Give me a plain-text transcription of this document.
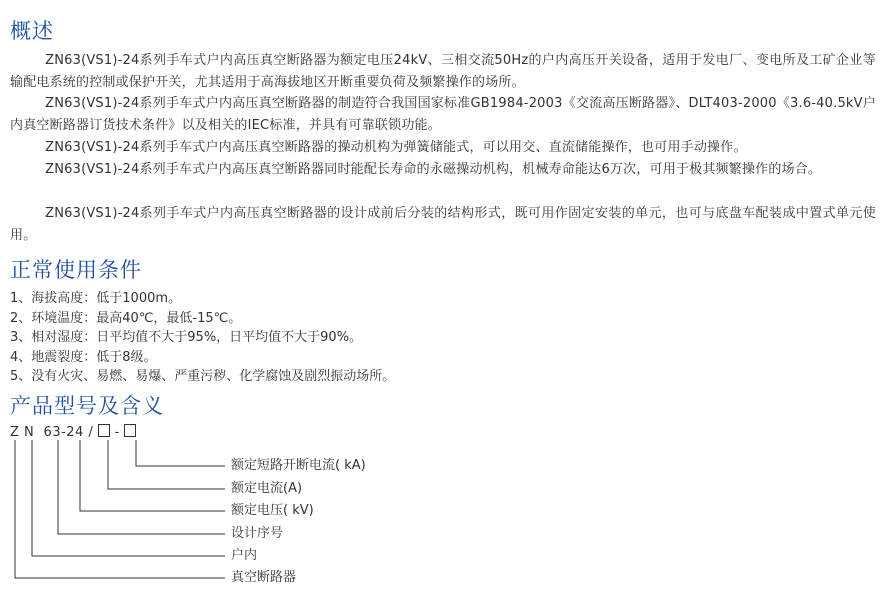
概述

ZN63(VS1)-24系列手车式户内高压真空断路器为额定电压24kV、三相交流50Hz的户内高压开关设备，适用于发电厂、变电所及工矿企业等输配电系统的控制或保护开关，尤其适用于高海拔地区开断重要负荷及频繁操作的场所。

ZN63(VS1)-24系列手车式户内高压真空断路器的制造符合我国国家标准GB1984-2003《交流高压断路器》、DLT403-2000《3.6-40.5kV户内真空断路器订货技术条件》以及相关的IEC标准，并具有可靠联锁功能。

ZN63(VS1)-24系列手车式户内高压真空断路器的操动机构为弹簧储能式，可以用交、直流储能操作，也可用手动操作。

ZN63(VS1)-24系列手车式户内高压真空断路器同时能配长寿命的永磁操动机构，机械寿命能达6万次，可用于极其频繁操作的场合。

ZN63(VS1)-24系列手车式户内高压真空断路器的设计成前后分装的结构形式，既可用作固定安装的单元，也可与底盘车配装成中置式单元使用。

正常使用条件
1、海拔高度：低于1000m。
2、环境温度：最高40℃，最低-15℃。
3、相对湿度：日平均值不大于95%，日平均值不大于90%。
4、地震裂度：低于8级。
5、没有火灾、易燃、易爆、严重污秽、化学腐蚀及剧烈振动场所。
产品型号及含义
Z N 63-24 / -
额定短路开断电流( kA)
额定电流(A)
额定电压( kV)
设计序号
户内
真空断路器
